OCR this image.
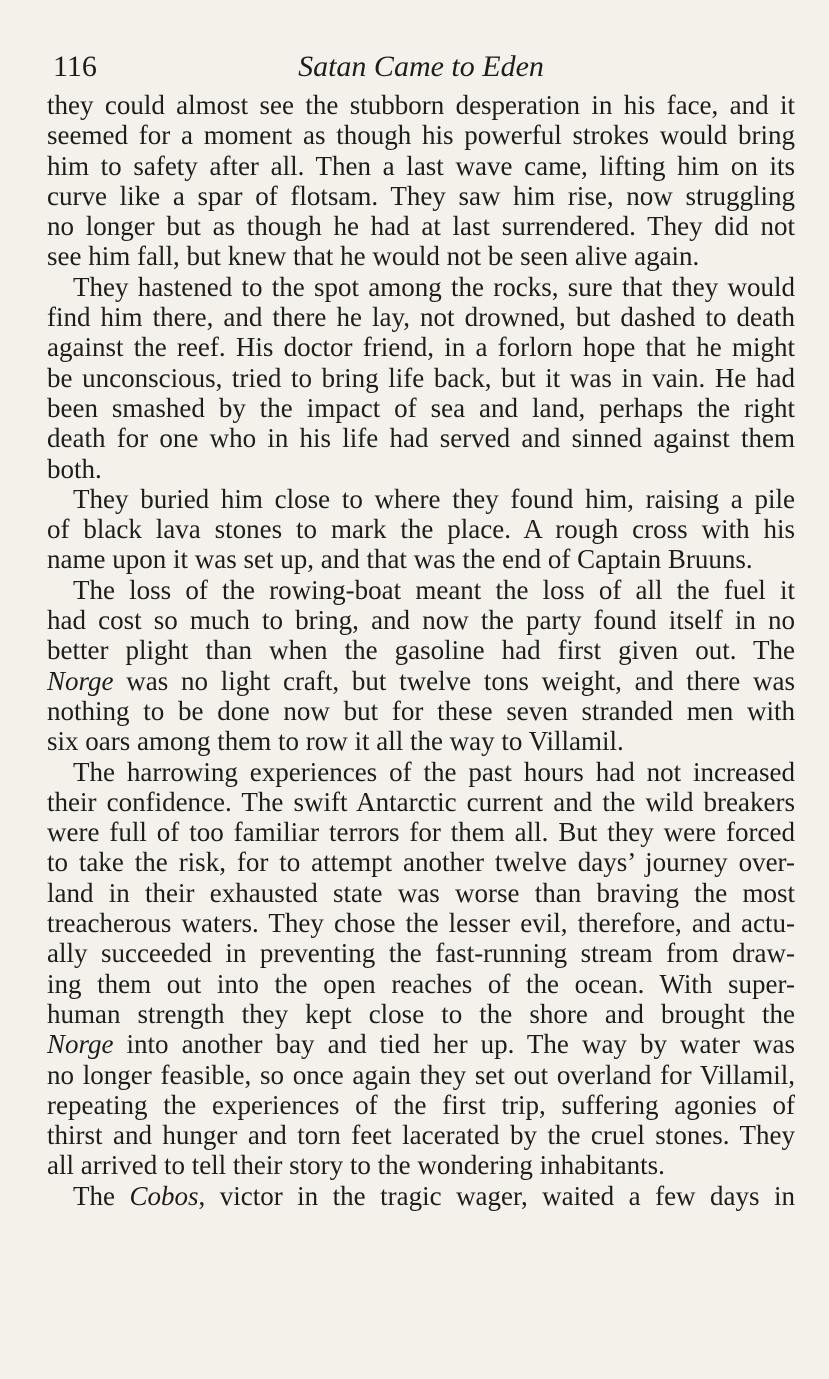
116	Satan Came to Eden
they could almost see the stubborn desperation in his face, and it
seemed for a moment as though his powerful strokes would bring
him to safety after all. Then a last wave came, lifting him on its
curve like a spar of flotsam. They saw him rise, now struggling
no longer but as though he had at last surrendered. They did not
see him fall, but knew that he would not be seen alive again.
They hastened to the spot among the rocks, sure that they would
find him there, and there he lay, not drowned, but dashed to death
against the reef. His doctor friend, in a forlorn hope that he might
be unconscious, tried to bring life back, but it was in vain. He had
been smashed by the impact of sea and land, perhaps the right
death for one who in his life had served and sinned against them
both.
They buried him close to where they found him, raising a pile
of black lava stones to mark the place. A rough cross with his
name upon it was set up, and that was the end of Captain Bruuns.
The loss of the rowing-boat meant the loss of all the fuel it
had cost so much to bring, and now the party found itself in no
better plight than when the gasoline had first given out. The
Norge was no light craft, but twelve tons weight, and there was
nothing to be done now but for these seven stranded men with
six oars among them to row it all the way to Villamil.
The harrowing experiences of the past hours had not increased
their confidence. The swift Antarctic current and the wild breakers
were full of too familiar terrors for them all. But they were forced
to take the risk, for to attempt another twelve days’ journey over-
land in their exhausted state was worse than braving the most
treacherous waters. They chose the lesser evil, therefore, and actu-
ally succeeded in preventing the fast-running stream from draw-
ing them out into the open reaches of the ocean. With super-
human strength they kept close to the shore and brought the
Norge into another bay and tied her up. The way by water was
no longer feasible, so once again they set out overland for Villamil,
repeating the experiences of the first trip, suffering agonies of
thirst and hunger and torn feet lacerated by the cruel stones. They
all arrived to tell their story to the wondering inhabitants.
The Cobos, victor in the tragic wager, waited a few days in
